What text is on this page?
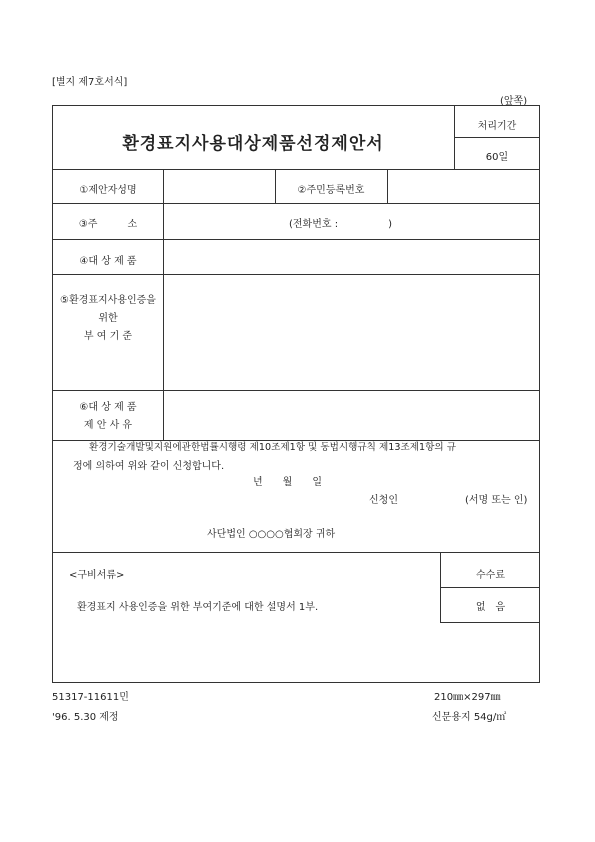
[별지 제7호서식]
(앞쪽)
환경표지사용대상제품선정제안서
처리기간
60일
①제안자성명	②주민등록번호
③주　　　소	(전화번호 :　　　　　)
④대 상 제 품
⑤환경표지사용인증을
위한
부 여 기 준
⑥대 상 제 품
제 안 사 유
환경기술개발및지원에관한법률시행령 제10조제1항 및 동법시행규칙 제13조제1항의 규
정에 의하여 위와 같이 신청합니다.
년　　월　　일
신청인	(서명 또는 인)
사단법인 ○○○○협회장 귀하
<구비서류>
환경표지 사용인증을 위한 부여기준에 대한 설명서 1부.
수수료
없　음
51317-11611민	210㎜×297㎜
'96. 5.30 제정	신문용지 54g/㎡
